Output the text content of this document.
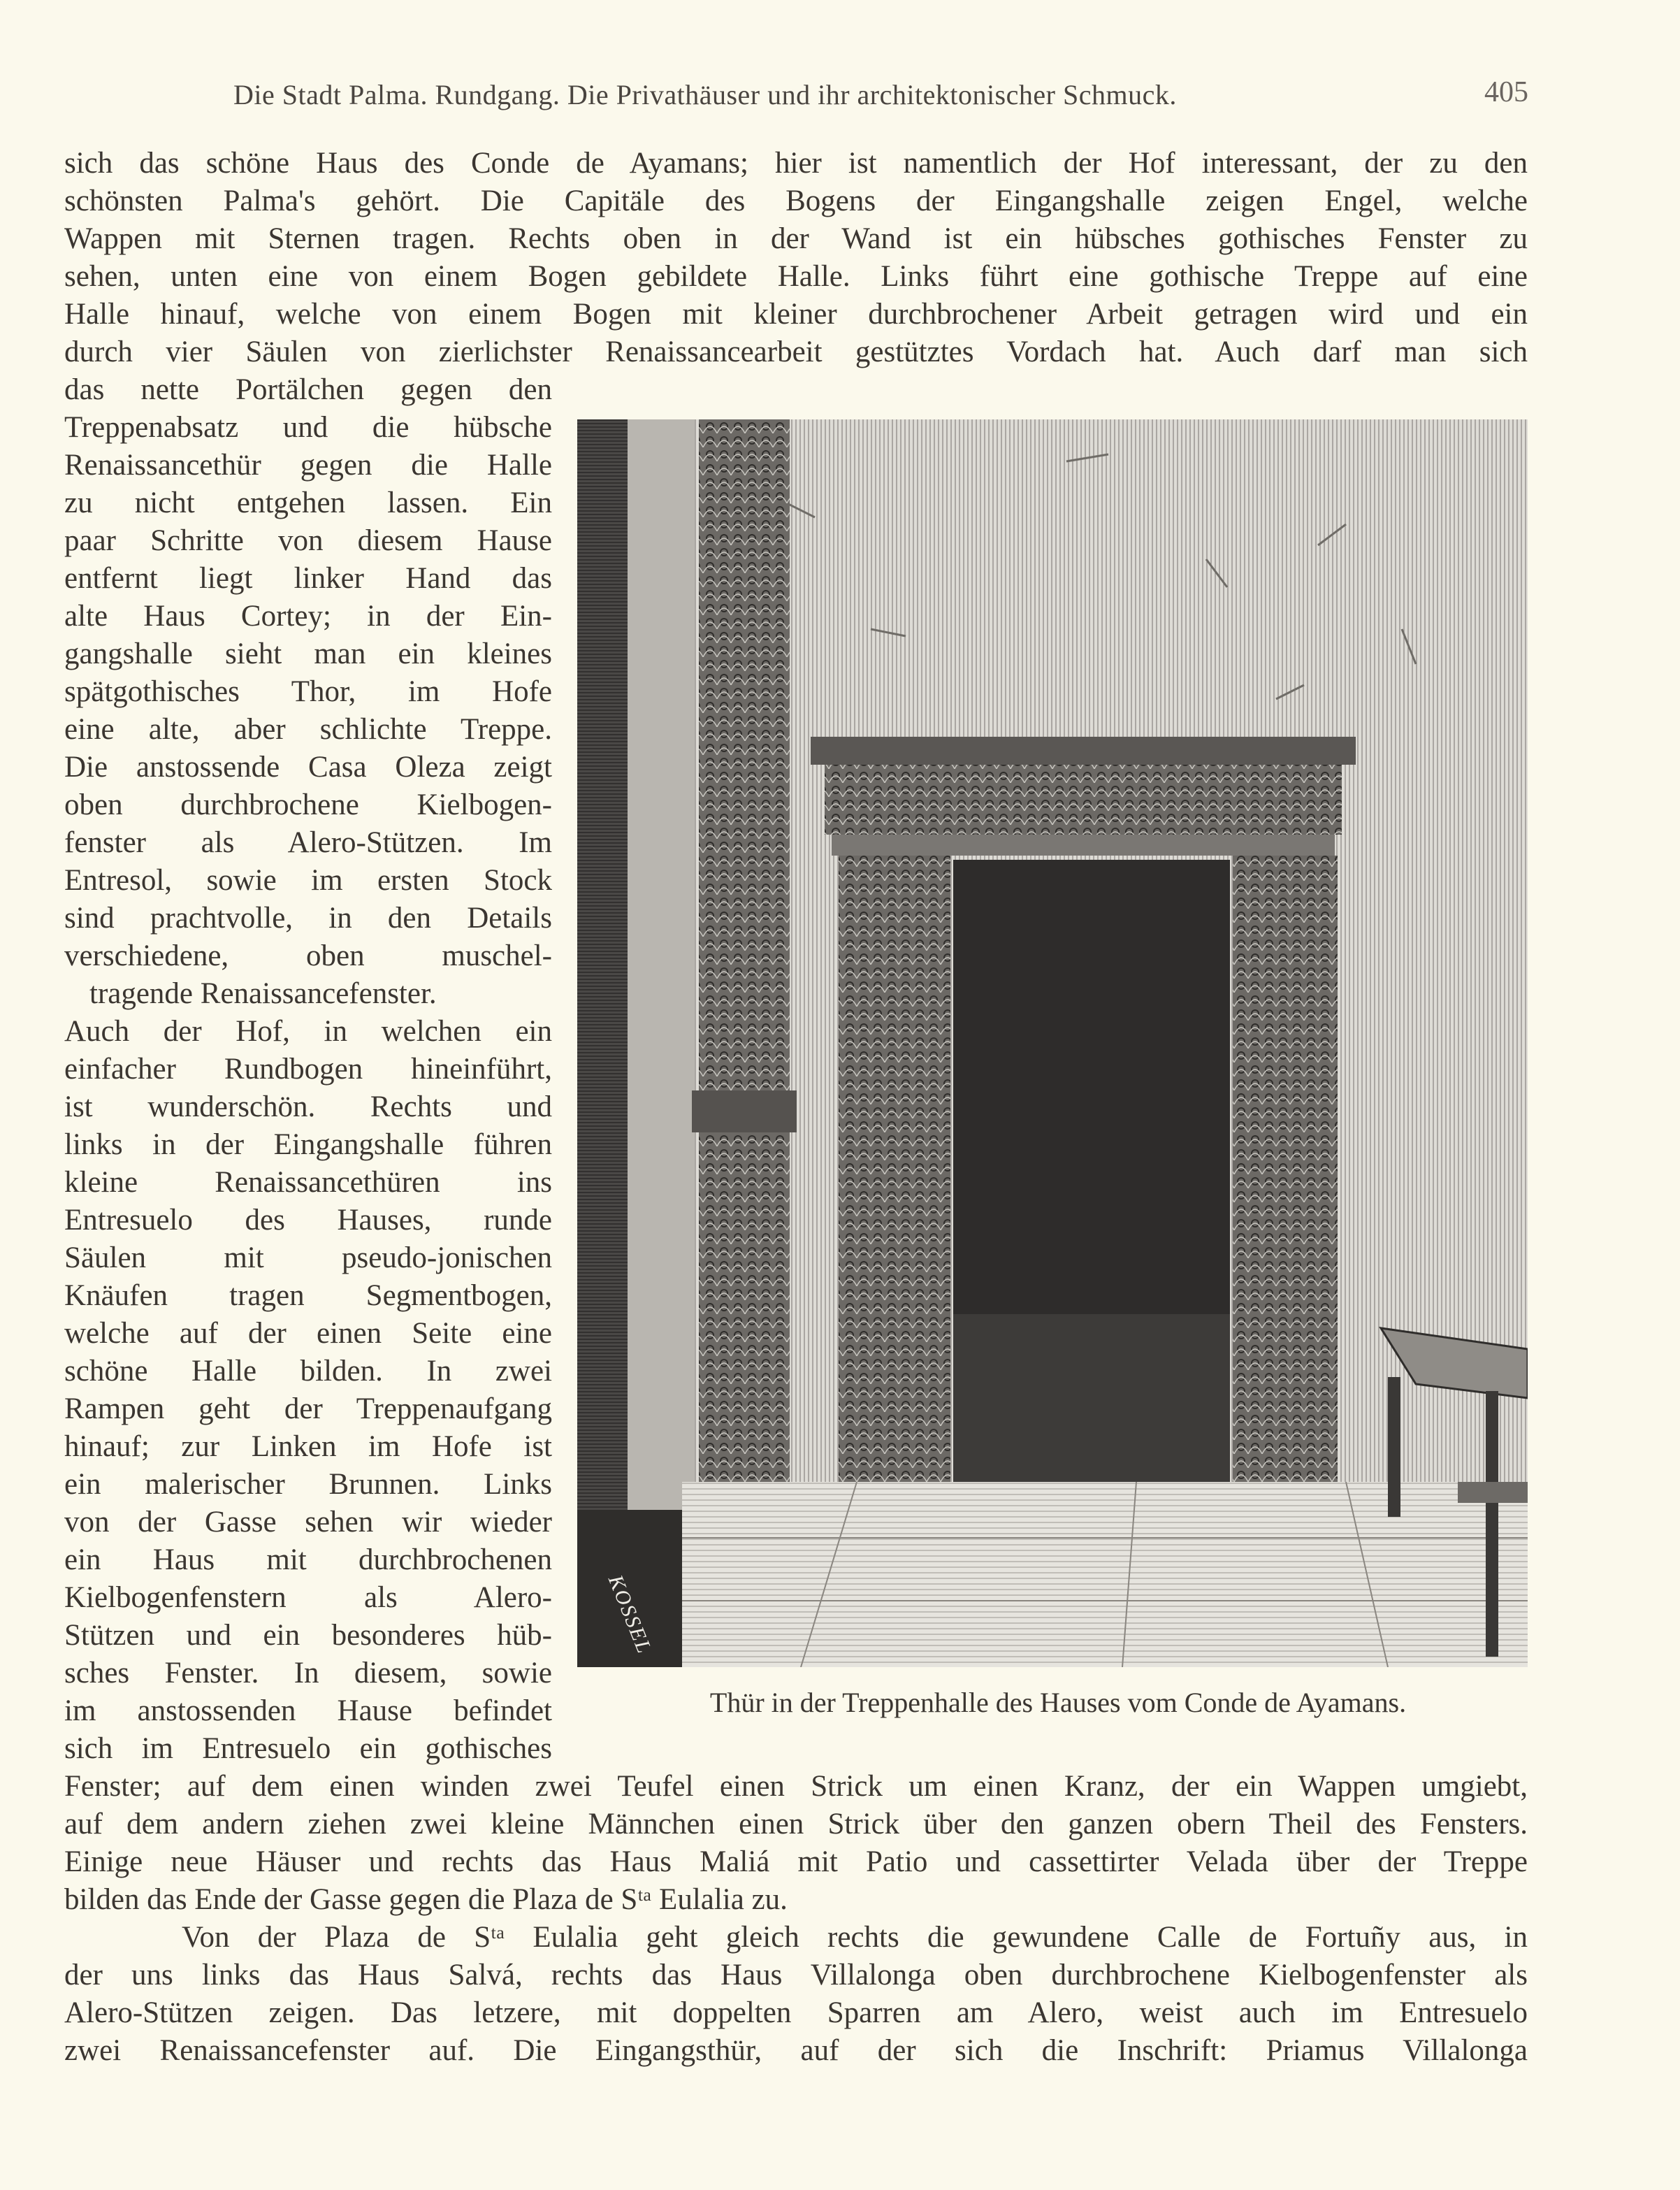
Die Stadt Palma. Rundgang. Die Privathäuser und ihr architektonischer Schmuck.	405
sich das schöne Haus des Conde de Ayamans; hier ist namentlich der Hof interessant, der zu den
schönsten Palma's gehört. Die Capitäle des Bogens der Eingangshalle zeigen Engel, welche
Wappen mit Sternen tragen. Rechts oben in der Wand ist ein hübsches gothisches Fenster zu
sehen, unten eine von einem Bogen gebildete Halle. Links führt eine gothische Treppe auf eine
Halle hinauf, welche von einem Bogen mit kleiner durchbrochener Arbeit getragen wird und ein
durch vier Säulen von zierlichster Renaissancearbeit gestütztes Vordach hat. Auch darf man sich
das nette Portälchen gegen den
Treppenabsatz und die hübsche
Renaissancethür gegen die Halle
zu nicht entgehen lassen. Ein
paar Schritte von diesem Hause
entfernt liegt linker Hand das
alte Haus Cortey; in der Ein-
gangshalle sieht man ein kleines
spätgothisches Thor, im Hofe
eine alte, aber schlichte Treppe.
Die anstossende Casa Oleza zeigt
oben durchbrochene Kielbogen-
fenster als Alero-Stützen. Im
Entresol, sowie im ersten Stock
sind prachtvolle, in den Details
verschiedene, oben muschel-
tragende Renaissancefenster.
Auch der Hof, in welchen ein
einfacher Rundbogen hineinführt,
ist wunderschön. Rechts und
links in der Eingangshalle führen
kleine Renaissancethüren ins
Entresuelo des Hauses, runde
Säulen mit pseudo-jonischen
Knäufen tragen Segmentbogen,
welche auf der einen Seite eine
schöne Halle bilden. In zwei
Rampen geht der Treppenaufgang
hinauf; zur Linken im Hofe ist
ein malerischer Brunnen. Links
von der Gasse sehen wir wieder
ein Haus mit durchbrochenen
Kielbogenfenstern als Alero-
Stützen und ein besonderes hüb-
sches Fenster. In diesem, sowie
im anstossenden Hause befindet
sich im Entresuelo ein gothisches
Fenster; auf dem einen winden zwei Teufel einen Strick um einen Kranz, der ein Wappen umgiebt,
auf dem andern ziehen zwei kleine Männchen einen Strick über den ganzen obern Theil des Fensters.
Einige neue Häuser und rechts das Haus Maliá mit Patio und cassettirter Velada über der Treppe
bilden das Ende der Gasse gegen die Plaza de Sᵗᵃ Eulalia zu.
Von der Plaza de Sᵗᵃ Eulalia geht gleich rechts die gewundene Calle de Fortuñy aus, in
der uns links das Haus Salvá, rechts das Haus Villalonga oben durchbrochene Kielbogenfenster als
Alero-Stützen zeigen. Das letzere, mit doppelten Sparren am Alero, weist auch im Entresuelo
zwei Renaissancefenster auf. Die Eingangsthür, auf der sich die Inschrift: Priamus Villalonga
KOSSEL
Thür in der Treppenhalle des Hauses vom Conde de Ayamans.
